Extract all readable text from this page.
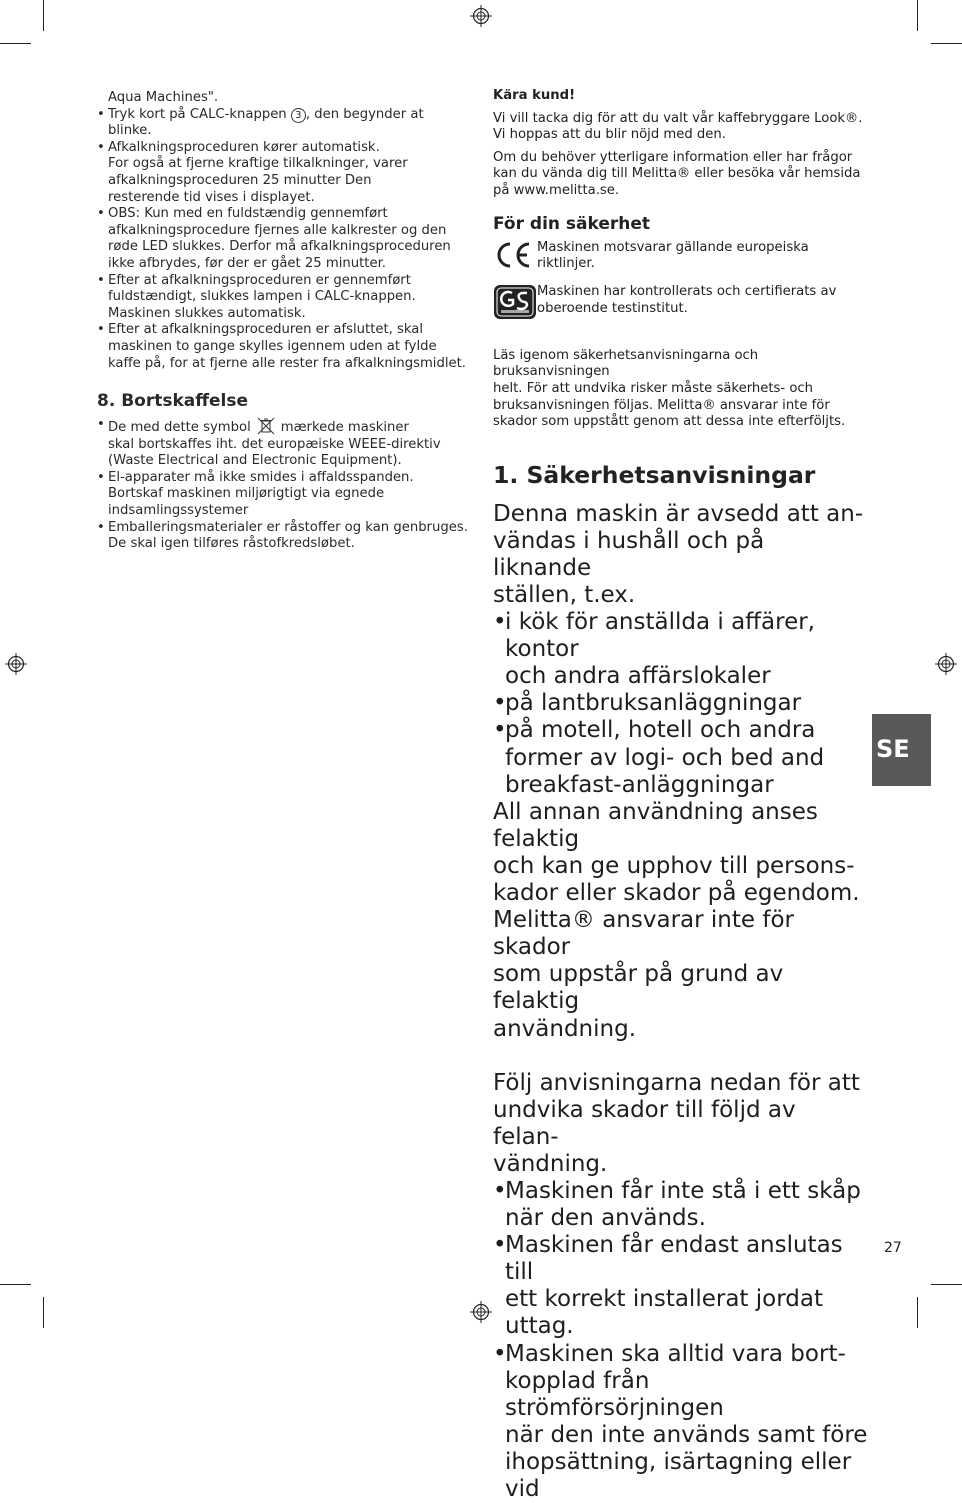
Aqua Machines".

• Tryk kort på CALC-knappen 3 , den begynder at
blinke.
• Afkalkningsproceduren kører automatisk.
For også at fjerne kraftige tilkalkninger, varer
afkalkningsproceduren 25 minutter Den
resterende tid vises i displayet.
• OBS: Kun med en fuldstændig gennemført
afkalkningsprocedure fjernes alle kalkrester og den
røde LED slukkes. Derfor må afkalkningsproceduren
ikke afbrydes, før der er gået 25 minutter.
• Efter at afkalkningsproceduren er gennemført
fuldstændigt, slukkes lampen i CALC-knappen.
Maskinen slukkes automatisk.
• Efter at afkalkningsproceduren er afsluttet, skal
maskinen to gange skylles igennem uden at fylde
kaffe på, for at fjerne alle rester fra afkalkningsmidlet.
8. Bortskaffelse
• De med dette symbol mærkede maskiner
skal bortskaffes iht. det europæiske WEEE-direktiv
(Waste Electrical and Electronic Equipment).
• El-apparater må ikke smides i affaldsspanden.
Bortskaf maskinen miljørigtigt via egnede
indsamlingssystemer
• Emballeringsmaterialer er råstoffer og kan genbruges.
De skal igen tilføres råstofkredsløbet.

Kära kund!

Vi vill tacka dig för att du valt vår kaffebryggare Look®.
Vi hoppas att du blir nöjd med den.

Om du behöver ytterligare information eller har frågor
kan du vända dig till Melitta® eller besöka vår hemsida
på www.melitta.se.

För din säkerhet
Maskinen motsvarar gällande europeiska
riktlinjer.
Maskinen har kontrollerats och certifierats av
oberoende testinstitut.

Läs igenom säkerhetsanvisningarna och bruksanvisningen
helt. För att undvika risker måste säkerhets- och
bruksanvisningen följas. Melitta® ansvarar inte för
skador som uppstått genom att dessa inte efterföljts.

1. Säkerhetsanvisningar

Denna maskin är avsedd att an-
vändas i hushåll och på liknande
ställen, t.ex.

• i kök för anställda i affärer, kontor
och andra affärslokaler
• på lantbruksanläggningar
• på motell, hotell och andra
former av logi- och bed and
breakfast-anläggningar

All annan användning anses felaktig
och kan ge upphov till persons-
kador eller skador på egendom.
Melitta® ansvarar inte för skador
som uppstår på grund av felaktig
användning.

Följ anvisningarna nedan för att
undvika skador till följd av felan-
vändning.

• Maskinen får inte stå i ett skåp
när den används.
• Maskinen får endast anslutas till
ett korrekt installerat jordat uttag.
• Maskinen ska alltid vara bort-
kopplad från strömförsörjningen
när den inte används samt före
ihopsättning, isärtagning eller vid
SE
27
